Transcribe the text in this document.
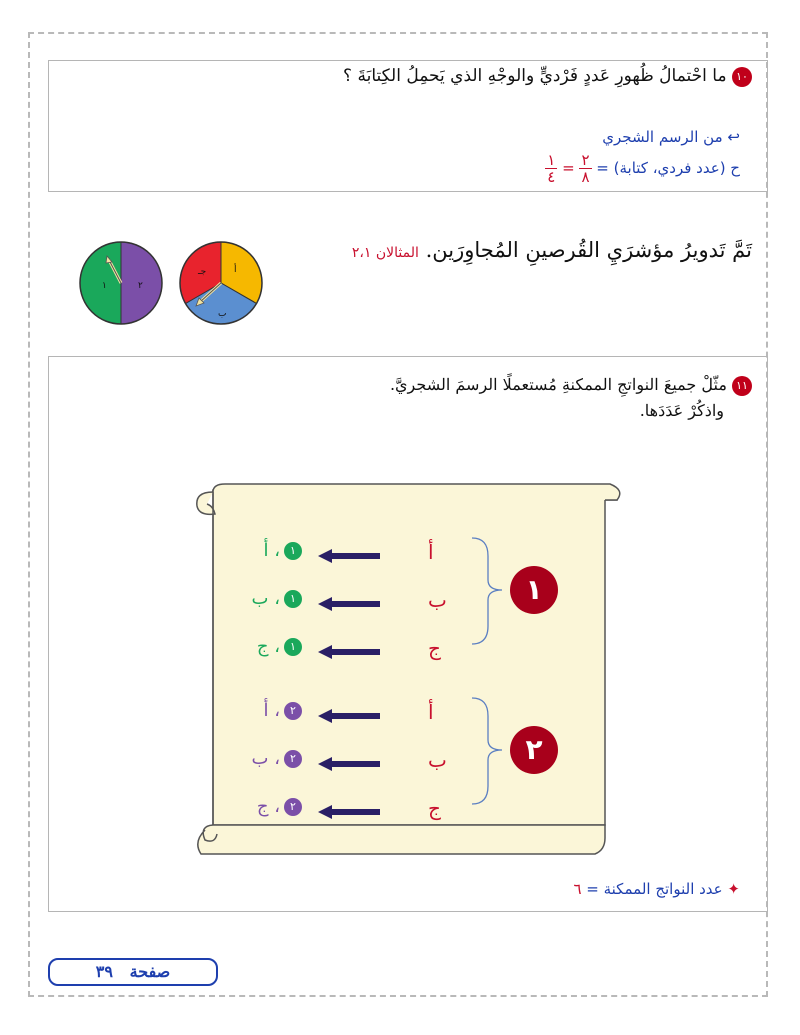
١٠ ما احْتمالُ ظُهورِ عَددٍ فَرْديٍّ والوجْهِ الذي يَحمِلُ الكِتابَةَ ؟
↩ من الرسم الشجري
ح (عدد فردي، كتابة) =
$\frac{٢}{٨}$
=
$\frac{١}{٤}$
تَمَّ تَدويرُ مؤشرَيِ القُرصينِ المُجاوِرَين. المثالان ٢،١
١	٢
أ
ب
جـ
١١ مثّلْ جميعَ النواتجِ الممكنةِ مُستعملًا الرسمَ الشجريَّ.
واذكُرْ عَدَدَها.
١
أ
١، أ
ب
١، ب
ج
١، ج
٢
أ
٢، أ
ب
٢، ب
ج
٢، ج
✦ عدد النواتج الممكنة = ٦
صفحة   ٣٩
